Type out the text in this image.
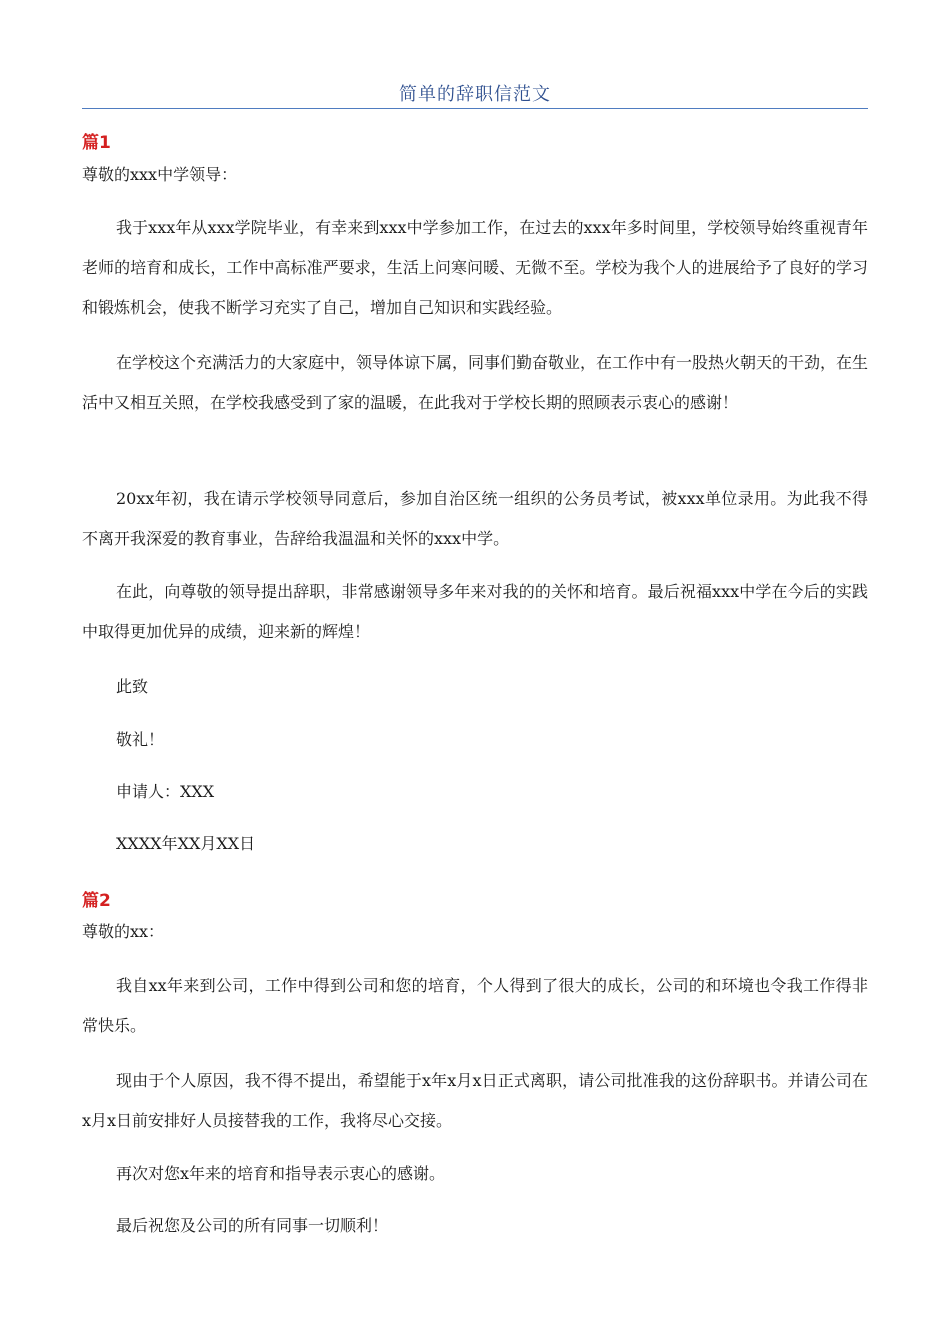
简单的辞职信范文
篇1
尊敬的xxx中学领导：
我于xxx年从xxx学院毕业，有幸来到xxx中学参加工作，在过去的xxx年多时间里，学校领导始终重视青年老师的培育和成长，工作中高标准严要求，生活上问寒问暖、无微不至。学校为我个人的进展给予了良好的学习和锻炼机会，使我不断学习充实了自己，增加自己知识和实践经验。
在学校这个充满活力的大家庭中，领导体谅下属，同事们勤奋敬业，在工作中有一股热火朝天的干劲，在生活中又相互关照，在学校我感受到了家的温暖，在此我对于学校长期的照顾表示衷心的感谢！
20xx年初，我在请示学校领导同意后，参加自治区统一组织的公务员考试，被xxx单位录用。为此我不得不离开我深爱的教育事业，告辞给我温温和关怀的xxx中学。
在此，向尊敬的领导提出辞职，非常感谢领导多年来对我的的关怀和培育。最后祝福xxx中学在今后的实践中取得更加优异的成绩，迎来新的辉煌！
此致
敬礼！
申请人：XXX
XXXX年XX月XX日
篇2
尊敬的xx：
我自xx年来到公司，工作中得到公司和您的培育，个人得到了很大的成长，公司的和环境也令我工作得非常快乐。
现由于个人原因，我不得不提出，希望能于x年x月x日正式离职，请公司批准我的这份辞职书。并请公司在x月x日前安排好人员接替我的工作，我将尽心交接。
再次对您x年来的培育和指导表示衷心的感谢。
最后祝您及公司的所有同事一切顺利！
